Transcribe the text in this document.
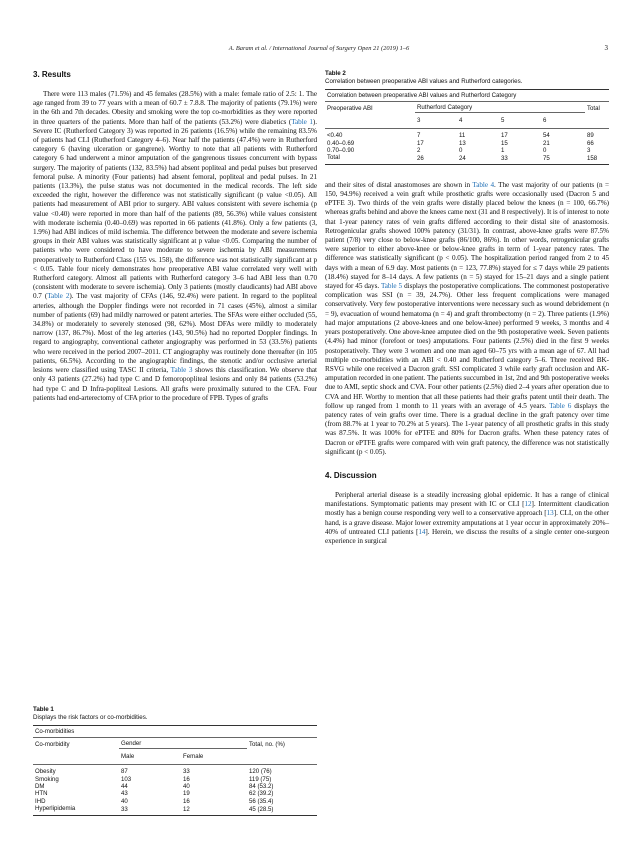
A. Baram et al. / International Journal of Surgery Open 21 (2019) 1–6	3
3. Results

There were 113 males (71.5%) and 45 females (28.5%) with a male: female ratio of 2.5: 1. The age ranged from 39 to 77 years with a mean of 60.7 ± 7.8.8. The majority of patients (79.1%) were in the 6th and 7th decades. Obesity and smoking were the top co-morbidities as they were reported in three quarters of the patients. More than half of the patients (53.2%) were diabetics (Table 1). Severe IC (Rutherford Category 3) was reported in 26 patients (16.5%) while the remaining 83.5% of patients had CLI (Rutherford Category 4–6). Near half the patients (47.4%) were in Rutherford category 6 (having ulceration or gangrene). Worthy to note that all patients with Rutherford category 6 had underwent a minor amputation of the gangrenous tissues concurrent with bypass surgery. The majority of patients (132, 83.5%) had absent popliteal and pedal pulses but preserved femoral pulse. A minority (Four patients) had absent femoral, popliteal and pedal pulses. In 21 patients (13.3%), the pulse status was not documented in the medical records. The left side exceeded the right, however the difference was not statistically significant (p value <0.05). All patients had measurement of ABI prior to surgery. ABI values consistent with severe ischemia (p value <0.40) were reported in more than half of the patients (89, 56.3%) while values consistent with moderate ischemia (0.40–0.69) was reported in 66 patients (41.8%). Only a few patients (3, 1.9%) had ABI indices of mild ischemia. The difference between the moderate and severe ischemia groups in their ABI values was statistically significant at p value <0.05. Comparing the number of patients who were considered to have moderate to severe ischemia by ABI measurements preoperatively to Rutherford Class (155 vs. 158), the difference was not statistically significant at p < 0.05. Table four nicely demonstrates how preoperative ABI value correlated very well with Rutherford category. Almost all patients with Rutherford category 3–6 had ABI less than 0.70 (consistent with moderate to severe ischemia). Only 3 patients (mostly claudicants) had ABI above 0.7 (Table 2). The vast majority of CFAs (146, 92.4%) were patient. In regard to the popliteal arteries, although the Doppler findings were not recorded in 71 cases (45%), almost a similar number of patients (69) had mildly narrowed or patent arteries. The SFAs were either occluded (55, 34.8%) or moderately to severely stenosed (98, 62%). Most DFAs were mildly to moderately narrow (137, 86.7%). Most of the leg arteries (143, 90.5%) had no reported Doppler findings. In regard to angiography, conventional catheter angiography was performed in 53 (33.5%) patients who were received in the period 2007–2011. CT angiography was routinely done thereafter (in 105 patients, 66.5%). According to the angiographic findings, the stenotic and/or occlusive arterial lesions were classified using TASC II criteria, Table 3 shows this classification. We observe that only 43 patients (27.2%) had type C and D femoropopliteal lesions and only 84 patients (53.2%) had type C and D Infra-popliteal Lesions. All grafts were proximally sutured to the CFA. Four patients had end-arterectomy of CFA prior to the procedure of FPB. Types of grafts

Table 1
Displays the risk factors or co-morbidities.
Co-morbidities			
Co-morbidity	Gender		Total, no. (%)
	Male	Female	

Obesity	87	33	120 (76)
Smoking	103	16	119 (75)
DM	44	40	84 (53.2)
HTN	43	19	62 (39.2)
IHD	40	16	56 (35.4)
Hyperlipidemia	33	12	45 (28.5)
Table 2
Correlation between preoperative ABI values and Rutherford categories.
Correlation between preoperative ABI values and Rutherford Category					
Preoperative ABI	Rutherford Category				Total
	3	4	5	6	

<0.40	7	11	17	54	89
0.40–0.69	17	13	15	21	66
0.70–0.90	2	0	1	0	3
Total	26	24	33	75	158

and their sites of distal anastomoses are shown in Table 4. The vast majority of our patients (n = 150, 94.9%) received a vein graft while prosthetic grafts were occasionally used (Dacron 5 and ePTFE 3). Two thirds of the vein grafts were distally placed below the knees (n = 100, 66.7%) whereas grafts behind and above the knees came next (31 and 8 respectively). It is of interest to note that 1-year patency rates of vein grafts differed according to their distal site of anastomosis. Retrogenicular grafts showed 100% patency (31/31). In contrast, above-knee grafts were 87.5% patient (7/8) very close to below-knee grafts (86/100, 86%). In other words, retrogenicular grafts were superior to either above-knee or below-knee grafts in term of 1-year patency rates. The difference was statistically significant (p < 0.05). The hospitalization period ranged from 2 to 45 days with a mean of 6.9 day. Most patients (n = 123, 77.8%) stayed for ≤ 7 days while 29 patients (18.4%) stayed for 8–14 days. A few patients (n = 5) stayed for 15–21 days and a single patient stayed for 45 days. Table 5 displays the postoperative complications. The commonest postoperative complication was SSI (n = 39, 24.7%). Other less frequent complications were managed conservatively. Very few postoperative interventions were necessary such as wound debridement (n = 9), evacuation of wound hematoma (n = 4) and graft thrombectomy (n = 2). Three patients (1.9%) had major amputations (2 above-knees and one below-knee) performed 9 weeks, 3 months and 4 years postoperatively. One above-knee amputee died on the 9th postoperative week. Seven patients (4.4%) had minor (forefoot or toes) amputations. Four patients (2.5%) died in the first 9 weeks postoperatively. They were 3 women and one man aged 60–75 yrs with a mean age of 67. All had multiple co-morbidities with an ABI < 0.40 and Rutherford category 5–6. Three received BK-RSVG while one received a Dacron graft. SSI complicated 3 while early graft occlusion and AK-amputation recorded in one patient. The patients succumbed in 1st, 2nd and 9th postoperative weeks due to AMI, septic shock and CVA. Four other patients (2.5%) died 2–4 years after operation due to CVA and HF. Worthy to mention that all these patients had their grafts patent until their death. The follow up ranged from 1 month to 11 years with an average of 4.5 years. Table 6 displays the patency rates of vein grafts over time. There is a gradual decline in the graft patency over time (from 88.7% at 1 year to 70.2% at 5 years). The 1-year patency of all prosthetic grafts in this study was 87.5%. It was 100% for ePTFE and 80% for Dacron grafts. When these patency rates of Dacron or ePTFE grafts were compared with vein graft patency, the difference was not statistically significant (p < 0.05).

4. Discussion

Peripheral arterial disease is a steadily increasing global epidemic. It has a range of clinical manifestations. Symptomatic patients may present with IC or CLI [12]. Intermittent claudication mostly has a benign course responding very well to a conservative approach [13]. CLI, on the other hand, is a grave disease. Major lower extremity amputations at 1 year occur in approximately 20%–40% of untreated CLI patients [14]. Herein, we discuss the results of a single center one-surgeon experience in surgical
